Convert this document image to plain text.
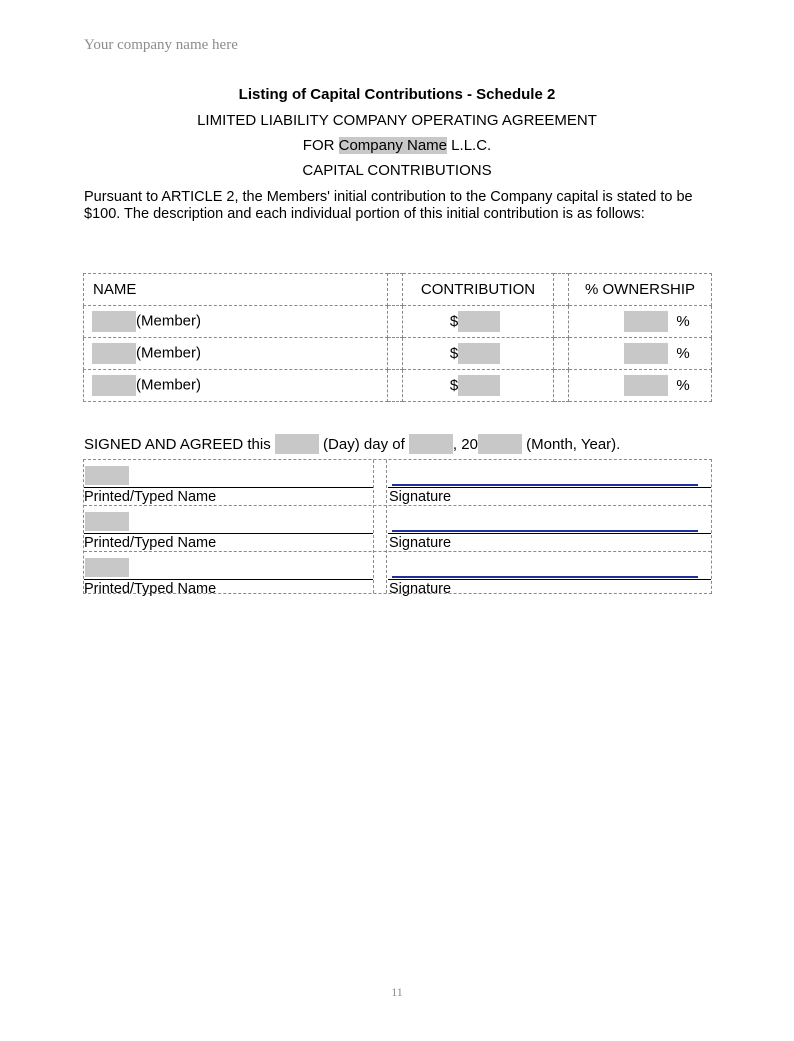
Your company name here
Listing of Capital Contributions - Schedule 2
LIMITED LIABILITY COMPANY OPERATING AGREEMENT
FOR Company Name L.L.C.
CAPITAL CONTRIBUTIONS
Pursuant to ARTICLE 2, the Members' initial contribution to the Company capital is stated to be $100. The description and each individual portion of this initial contribution is as follows:
NAME		CONTRIBUTION		% OWNERSHIP
(Member)		$		%

(Member)		$		%

(Member)		$		%
SIGNED AND AGREED this	(Day) day of	, 20	(Month, Year).
Printed/Typed Name	Signature
Printed/Typed Name	Signature
Printed/Typed Name	Signature
11
